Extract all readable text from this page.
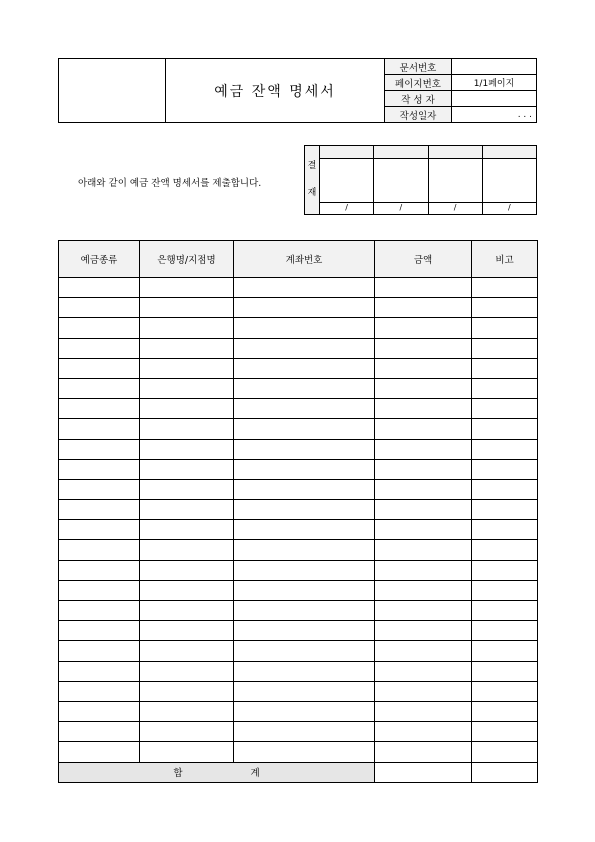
	예금 잔액 명세서	문서번호	
		페이지번호	1/1페이지
		작 성 자	
		작성일자	. . .
아래와 같이 예금 잔액 명세서를 제출합니다.
결
재				

	/	/	/	/
예금종류	은행명/지점명	계좌번호	금액	비고

합 계				
